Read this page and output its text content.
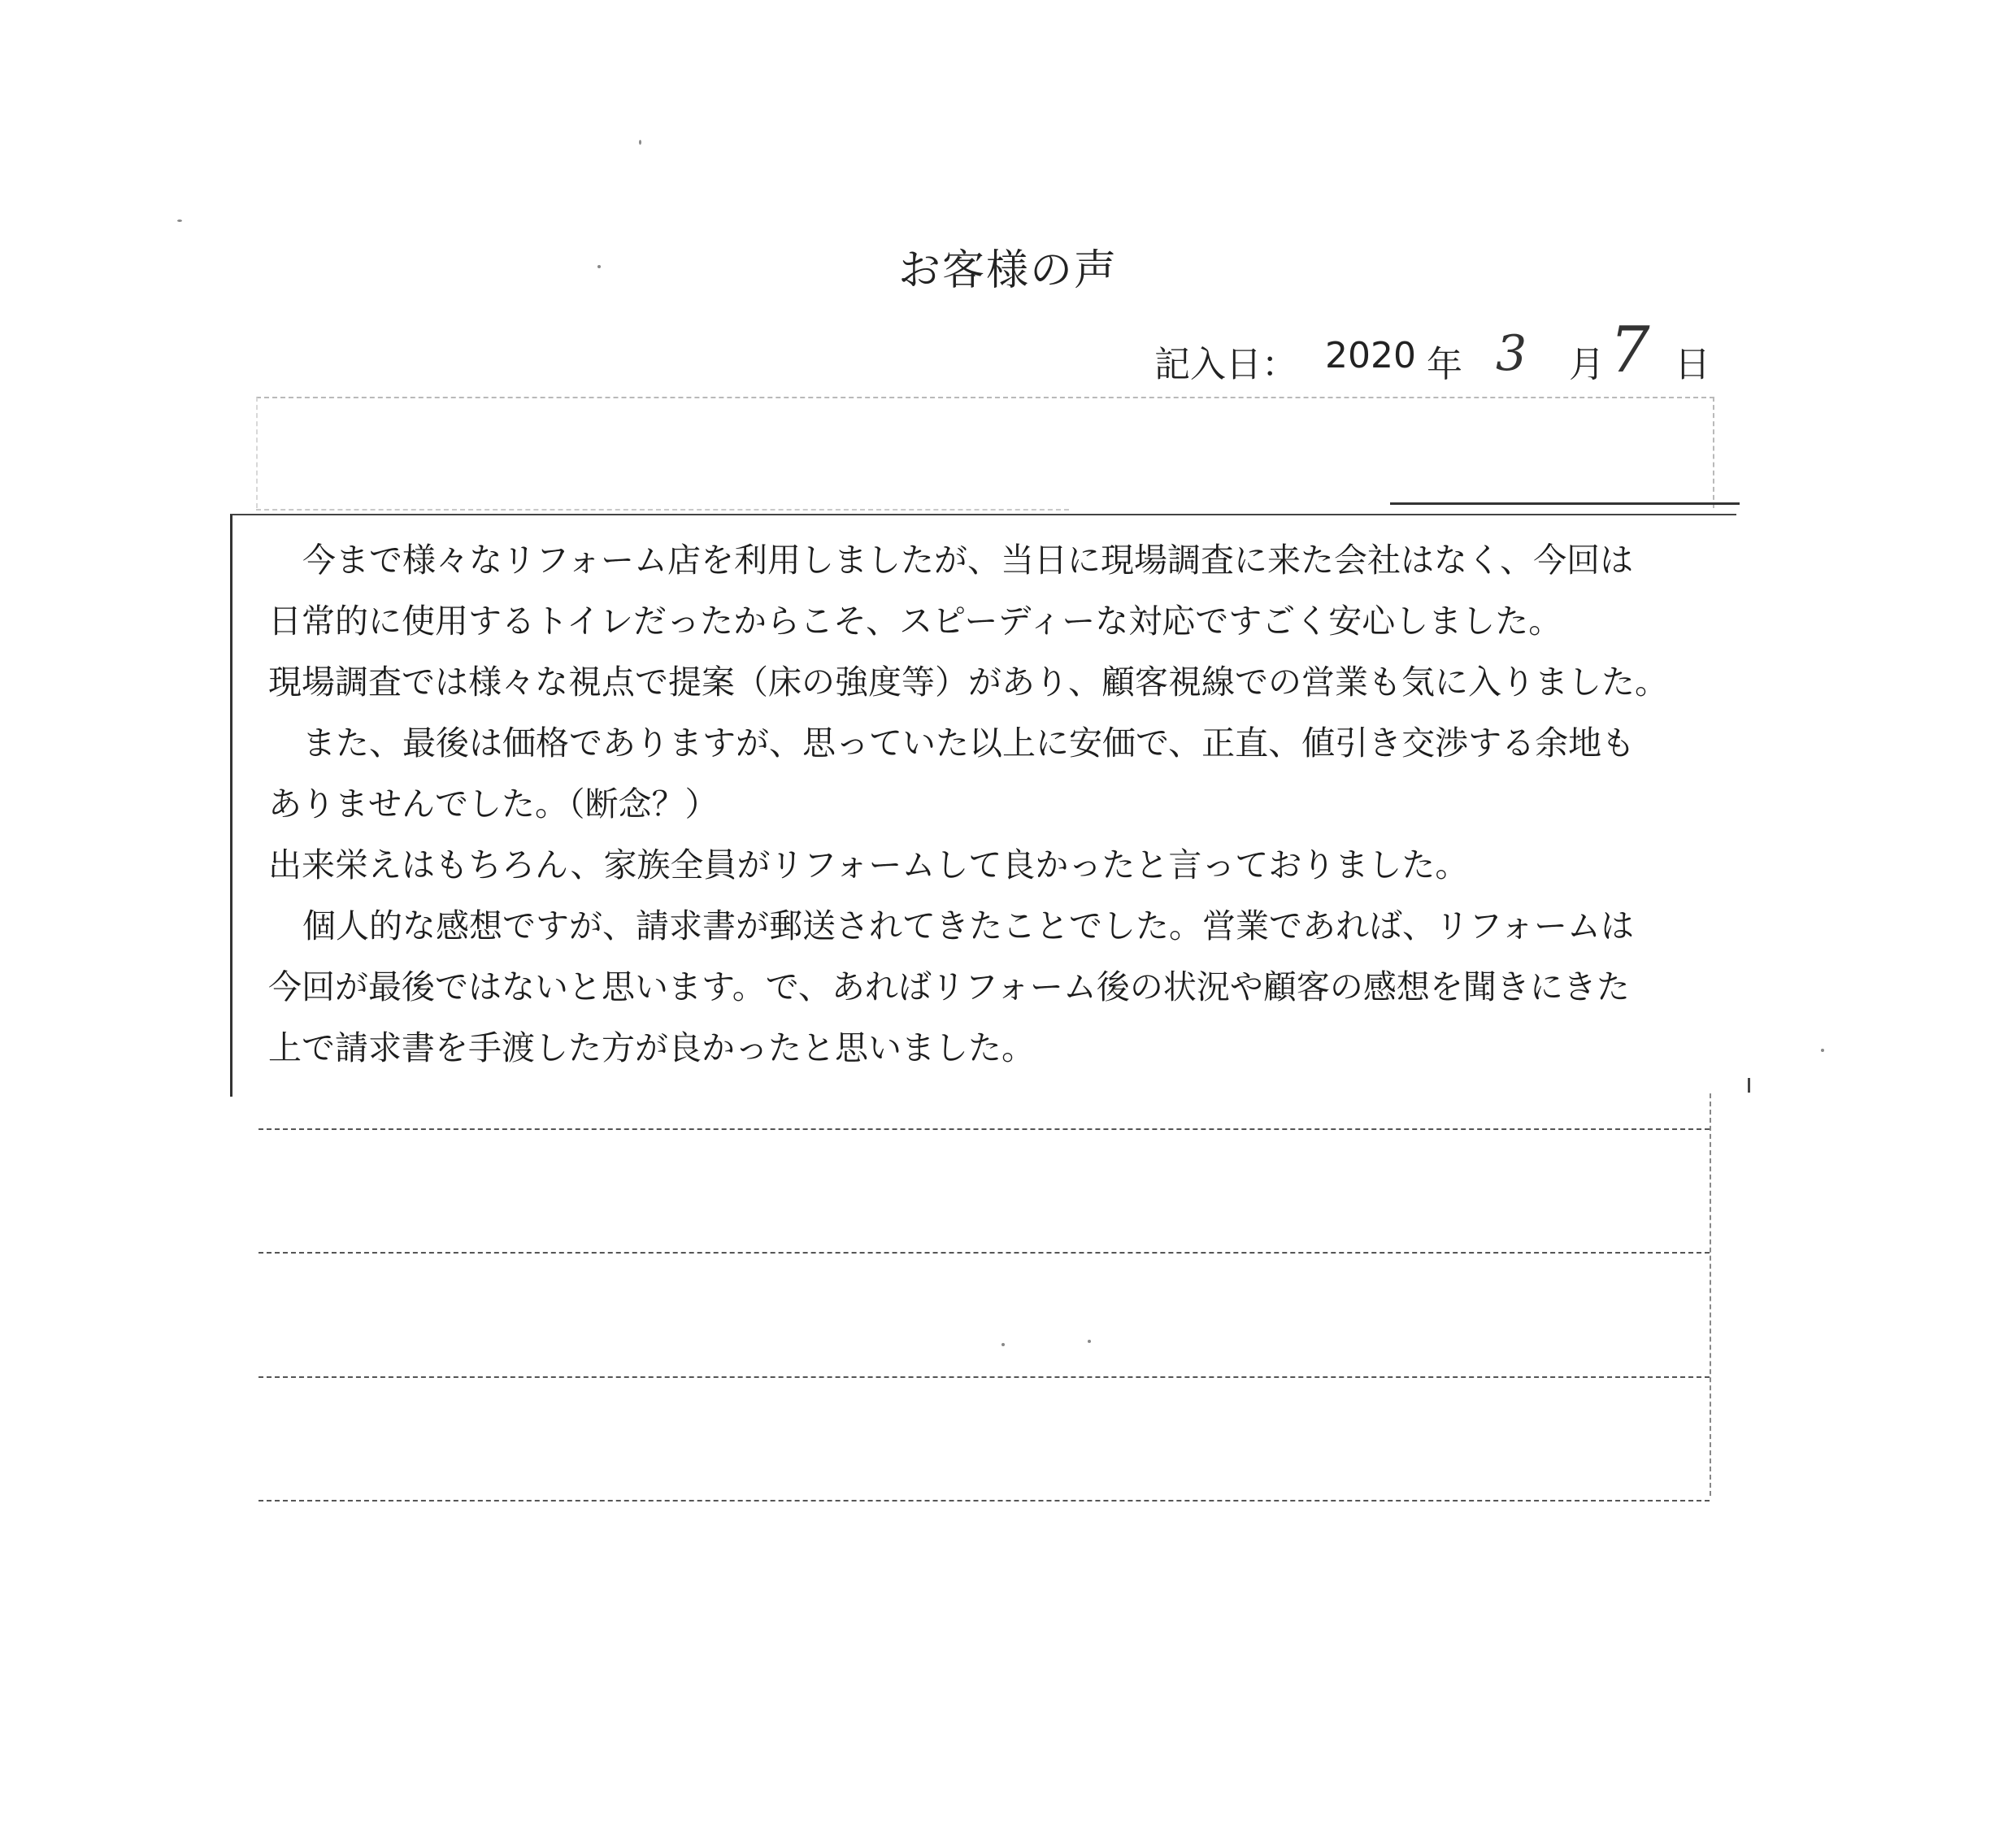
お客様の声
記入日： 2020 年 3 月 7 日

今まで様々なリフォーム店を利用しましたが、当日に現場調査に来た会社はなく、今回は

日常的に使用するトイレだったからこそ、スピーディーな対応ですごく安心しました。

現場調査では様々な視点で提案（床の強度等）があり、顧客視線での営業も気に入りました。

また、最後は価格でありますが、思っていた以上に安価で、正直、値引き交渉する余地も

ありませんでした。（断念？）

出来栄えはもちろん、家族全員がリフォームして良かったと言っておりました。

個人的な感想ですが、請求書が郵送されてきたことでした。営業であれば、リフォームは

今回が最後ではないと思います。で、あればリフォーム後の状況や顧客の感想を聞きにきた

上で請求書を手渡した方が良かったと思いました。
